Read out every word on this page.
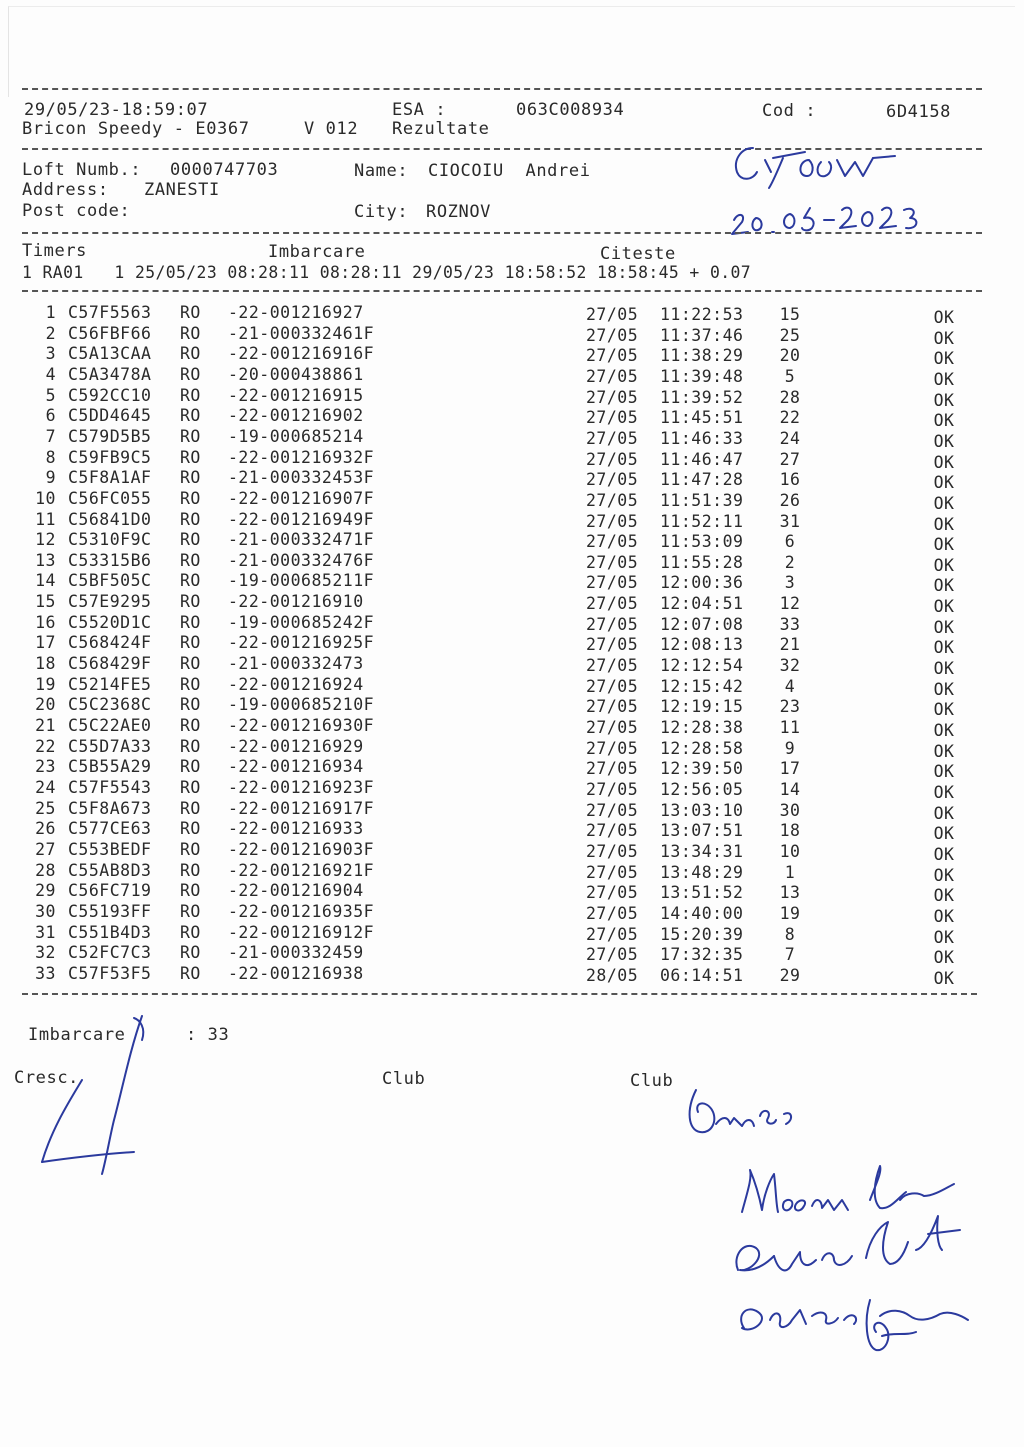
29/05/23-18:59:07	ESA :	063C008934	Cod :	6D4158
Bricon Speedy - E0367	V 012 Rezultate
Loft Numb.: 0000747703	Name: CIOCOIU  Andrei
Address: ZANESTI
Post code:	City: ROZNOV
Timers	Imbarcare	Citeste
1 RA01   1 25/05/23 08:28:11 08:28:11 29/05/23 18:58:52 18:58:45 + 0.07
1 C57F5563 RO -22-001216927	27/05 11:22:53	15	OK
2 C56FBF66 RO -21-000332461F	27/05 11:37:46	25	OK
3 C5A13CAA RO -22-001216916F	27/05 11:38:29	20	OK
4 C5A3478A RO -20-000438861	27/05 11:39:48	5	OK
5 C592CC10 RO -22-001216915	27/05 11:39:52	28	OK
6 C5DD4645 RO -22-001216902	27/05 11:45:51	22	OK
7 C579D5B5 RO -19-000685214	27/05 11:46:33	24	OK
8 C59FB9C5 RO -22-001216932F	27/05 11:46:47	27	OK
9 C5F8A1AF RO -21-000332453F	27/05 11:47:28	16	OK
10 C56FC055 RO -22-001216907F	27/05 11:51:39	26	OK
11 C56841D0 RO -22-001216949F	27/05 11:52:11	31	OK
12 C5310F9C RO -21-000332471F	27/05 11:53:09	6	OK
13 C53315B6 RO -21-000332476F	27/05 11:55:28	2	OK
14 C5BF505C RO -19-000685211F	27/05 12:00:36	3	OK
15 C57E9295 RO -22-001216910	27/05 12:04:51	12	OK
16 C5520D1C RO -19-000685242F	27/05 12:07:08	33	OK
17 C568424F RO -22-001216925F	27/05 12:08:13	21	OK
18 C568429F RO -21-000332473	27/05 12:12:54	32	OK
19 C5214FE5 RO -22-001216924	27/05 12:15:42	4	OK
20 C5C2368C RO -19-000685210F	27/05 12:19:15	23	OK
21 C5C22AE0 RO -22-001216930F	27/05 12:28:38	11	OK
22 C55D7A33 RO -22-001216929	27/05 12:28:58	9	OK
23 C5B55A29 RO -22-001216934	27/05 12:39:50	17	OK
24 C57F5543 RO -22-001216923F	27/05 12:56:05	14	OK
25 C5F8A673 RO -22-001216917F	27/05 13:03:10	30	OK
26 C577CE63 RO -22-001216933	27/05 13:07:51	18	OK
27 C553BEDF RO -22-001216903F	27/05 13:34:31	10	OK
28 C55AB8D3 RO -22-001216921F	27/05 13:48:29	1	OK
29 C56FC719 RO -22-001216904	27/05 13:51:52	13	OK
30 C55193FF RO -22-001216935F	27/05 14:40:00	19	OK
31 C551B4D3 RO -22-001216912F	27/05 15:20:39	8	OK
32 C52FC7C3 RO -21-000332459	27/05 17:32:35	7	OK
33 C57F53F5 RO -22-001216938	28/05 06:14:51	29	OK
Imbarcare	: 33
Cresc.	Club	Club
